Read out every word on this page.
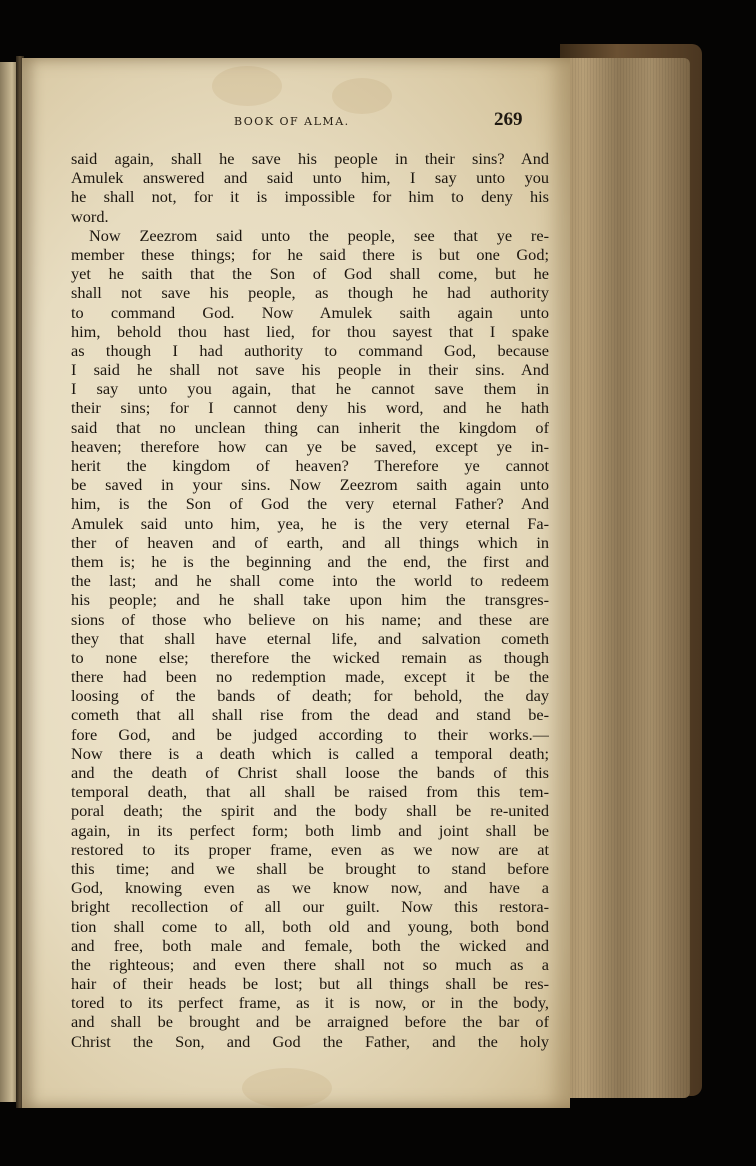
BOOK OF ALMA.	269
said again, shall he save his people in their sins? And
Amulek answered and said unto him, I say unto you
he shall not, for it is impossible for him to deny his
word.
Now Zeezrom said unto the people, see that ye re-
member these things; for he said there is but one God;
yet he saith that the Son of God shall come, but he
shall not save his people, as though he had authority
to command God. Now Amulek saith again unto
him, behold thou hast lied, for thou sayest that I spake
as though I had authority to command God, because
I said he shall not save his people in their sins. And
I say unto you again, that he cannot save them in
their sins; for I cannot deny his word, and he hath
said that no unclean thing can inherit the kingdom of
heaven; therefore how can ye be saved, except ye in-
herit the kingdom of heaven? Therefore ye cannot
be saved in your sins. Now Zeezrom saith again unto
him, is the Son of God the very eternal Father? And
Amulek said unto him, yea, he is the very eternal Fa-
ther of heaven and of earth, and all things which in
them is; he is the beginning and the end, the first and
the last; and he shall come into the world to redeem
his people; and he shall take upon him the transgres-
sions of those who believe on his name; and these are
they that shall have eternal life, and salvation cometh
to none else; therefore the wicked remain as though
there had been no redemption made, except it be the
loosing of the bands of death; for behold, the day
cometh that all shall rise from the dead and stand be-
fore God, and be judged according to their works.—
Now there is a death which is called a temporal death;
and the death of Christ shall loose the bands of this
temporal death, that all shall be raised from this tem-
poral death; the spirit and the body shall be re-united
again, in its perfect form; both limb and joint shall be
restored to its proper frame, even as we now are at
this time; and we shall be brought to stand before
God, knowing even as we know now, and have a
bright recollection of all our guilt. Now this restora-
tion shall come to all, both old and young, both bond
and free, both male and female, both the wicked and
the righteous; and even there shall not so much as a
hair of their heads be lost; but all things shall be res-
tored to its perfect frame, as it is now, or in the body,
and shall be brought and be arraigned before the bar of
Christ the Son, and God the Father, and the holy
